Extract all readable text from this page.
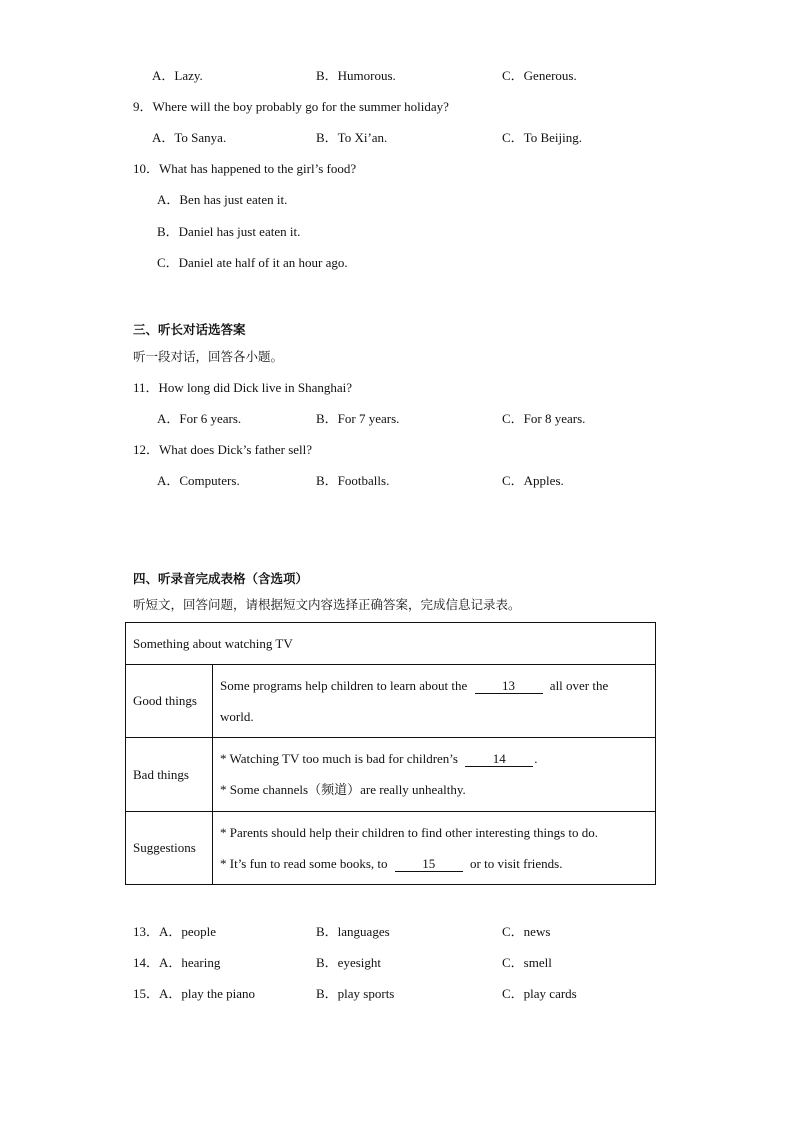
A．Lazy.	B．Humorous.	C．Generous.
9．Where will the boy probably go for the summer holiday?
A．To Sanya.	B．To Xi’an.	C．To Beijing.
10．What has happened to the girl’s food?
A．Ben has just eaten it.
B．Daniel has just eaten it.
C．Daniel ate half of it an hour ago.
三、听长对话选答案
听一段对话，回答各小题。
11．How long did Dick live in Shanghai?
A．For 6 years.	B．For 7 years.	C．For 8 years.
12．What does Dick’s father sell?
A．Computers.	B．Footballs.	C．Apples.
四、听录音完成表格（含选项）
听短文，回答问题，请根据短文内容选择正确答案，完成信息记录表。
Something about watching TV	
Good things	Some programs help children to learn about the 13 all over the
world.

Bad things	* Watching TV too much is bad for children’s 14 .
* Some channels（频道）are really unhealthy.

Suggestions	* Parents should help their children to find other interesting things to do.
* It’s fun to read some books, to 15 or to visit friends.
13．A．people	B．languages	C．news
14．A．hearing	B．eyesight	C．smell
15．A．play the piano	B．play sports	C．play cards
